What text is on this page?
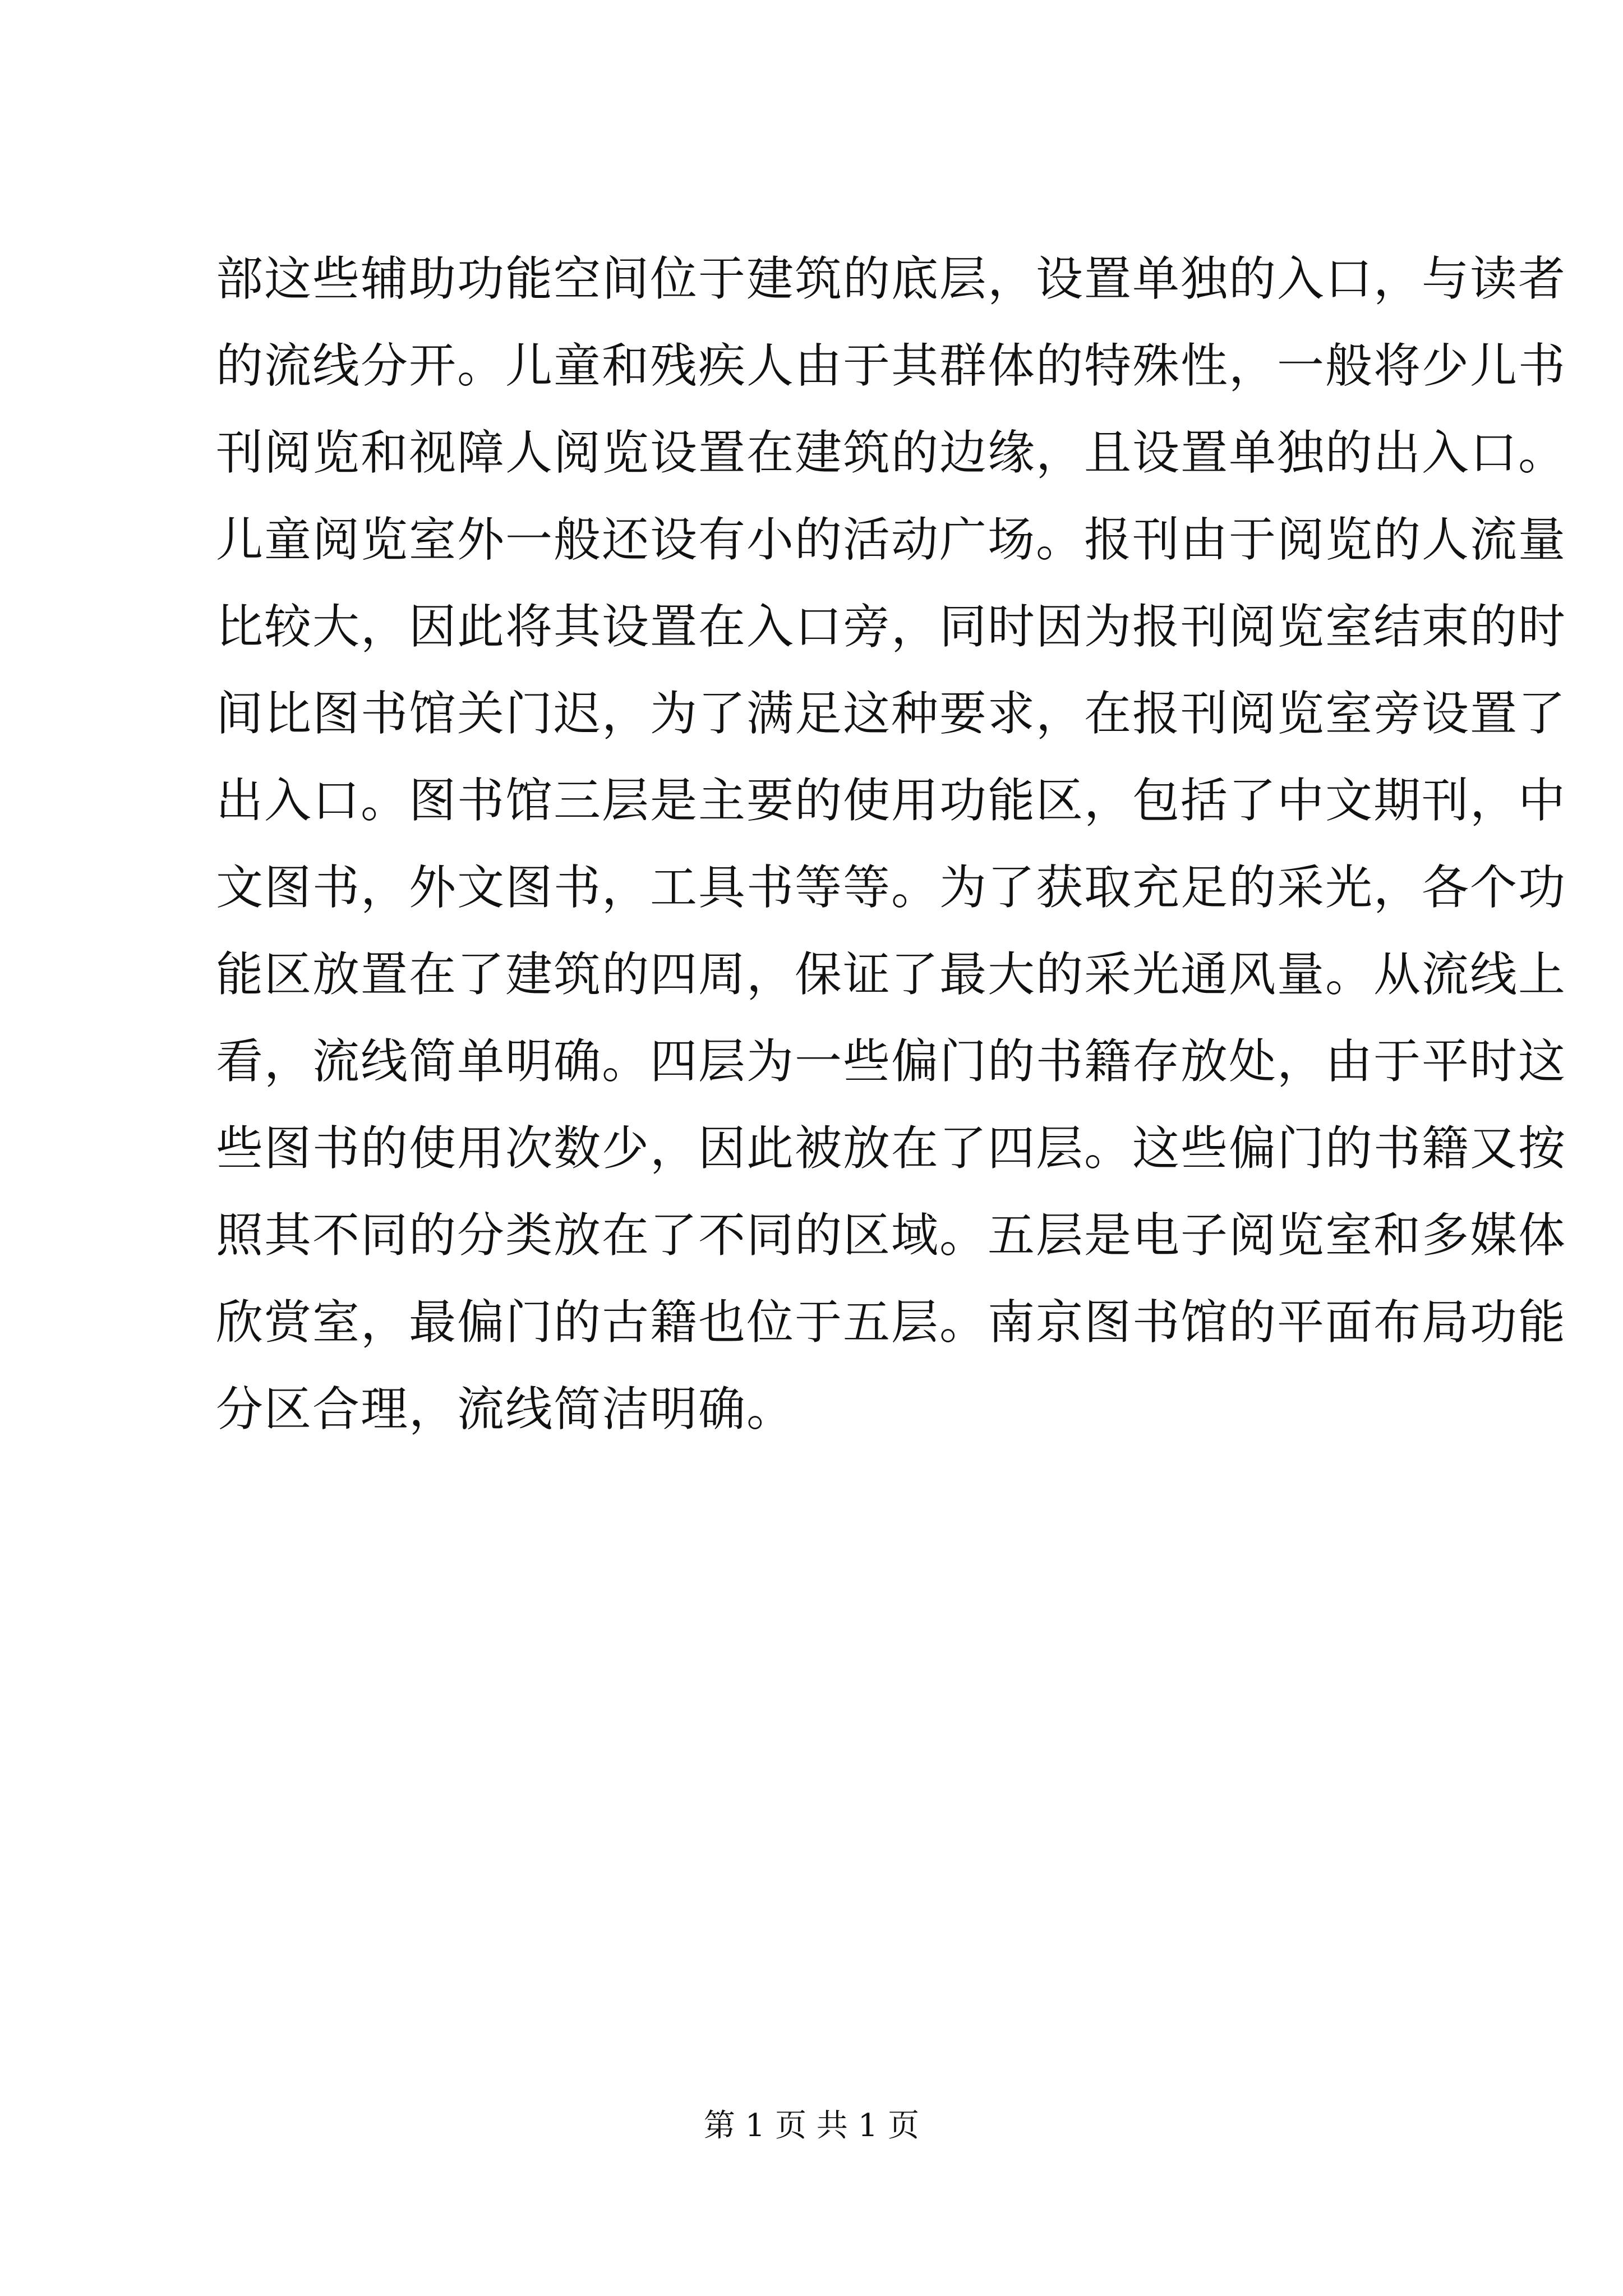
部这些辅助功能空间位于建筑的底层，设置单独的入口，与读者
的流线分开。儿童和残疾人由于其群体的特殊性，一般将少儿书
刊阅览和视障人阅览设置在建筑的边缘，且设置单独的出入口。
儿童阅览室外一般还设有小的活动广场。报刊由于阅览的人流量
比较大，因此将其设置在入口旁，同时因为报刊阅览室结束的时
间比图书馆关门迟，为了满足这种要求，在报刊阅览室旁设置了
出入口。图书馆三层是主要的使用功能区，包括了中文期刊，中
文图书，外文图书，工具书等等。为了获取充足的采光，各个功
能区放置在了建筑的四周，保证了最大的采光通风量。从流线上
看，流线简单明确。四层为一些偏门的书籍存放处，由于平时这
些图书的使用次数少，因此被放在了四层。这些偏门的书籍又按
照其不同的分类放在了不同的区域。五层是电子阅览室和多媒体
欣赏室，最偏门的古籍也位于五层。南京图书馆的平面布局功能
分区合理，流线简洁明确。
第 1 页 共 1 页
